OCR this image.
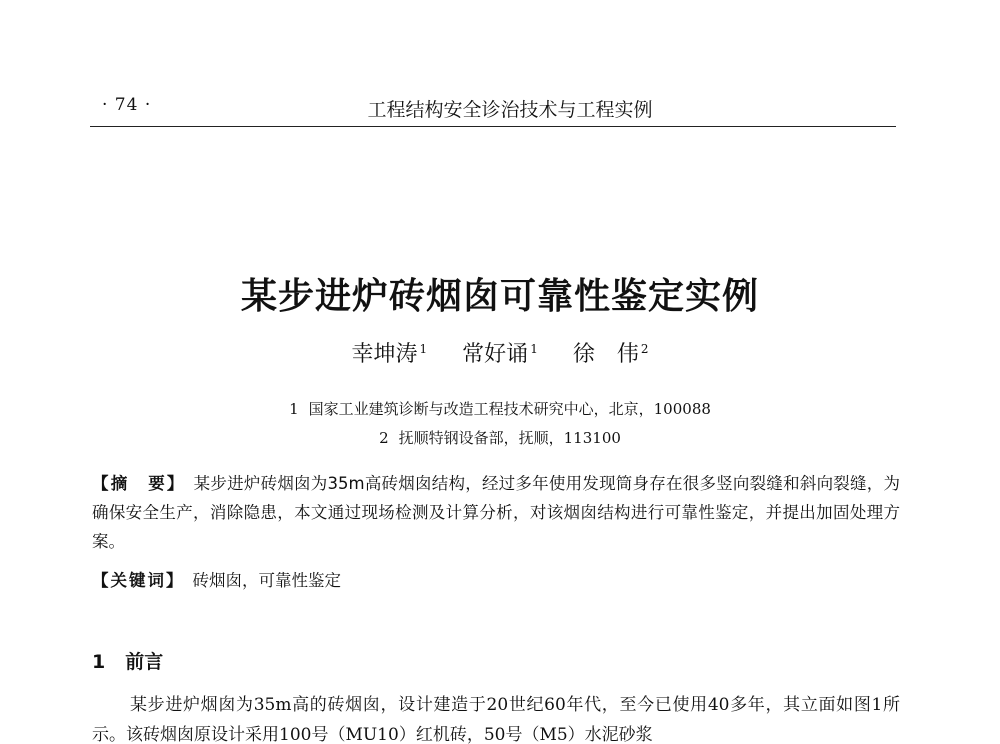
· 74 ·	工程结构安全诊治技术与工程实例
某步进炉砖烟囱可靠性鉴定实例
幸坤涛 $^1$ 常好诵 $^1$ 徐　伟 $^2$
1 国家工业建筑诊断与改造工程技术研究中心，北京，100088
2 抚顺特钢设备部，抚顺，113100
【摘　要】 某步进炉砖烟囱为35m高砖烟囱结构，经过多年使用发现筒身存在很多竖向裂缝和斜向裂缝，为确保安全生产，消除隐患，本文通过现场检测及计算分析，对该烟囱结构进行可靠性鉴定，并提出加固处理方案。
【关键词】 砖烟囱，可靠性鉴定
1 前言
某步进炉烟囱为35m高的砖烟囱，设计建造于20世纪60年代，至今已使用40多年，其立面如图1所示。该砖烟囱原设计采用100号（MU10）红机砖，50号（M5）水泥砂浆
